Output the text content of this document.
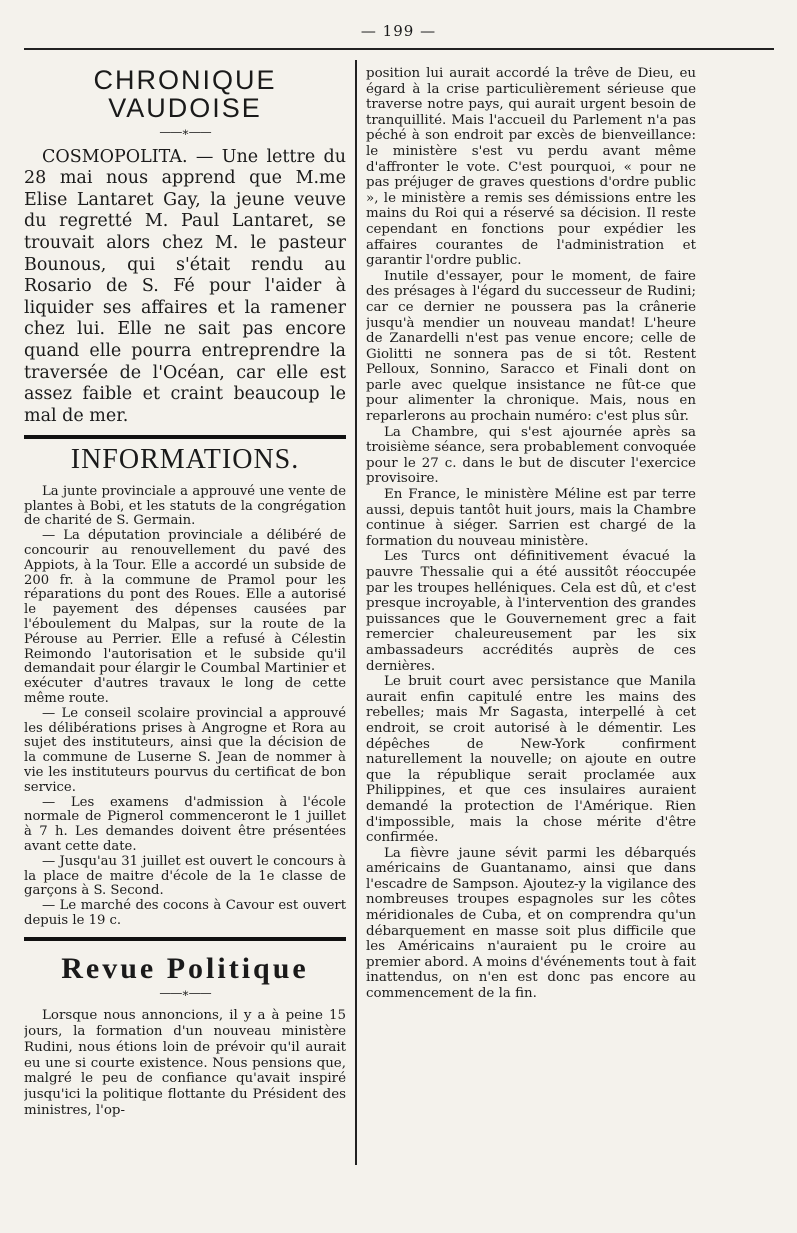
— 199 —
CHRONIQUE VAUDOISE
——∗——

COSMOPOLITA. — Une lettre du 28 mai nous apprend que M.me Elise Lantaret Gay, la jeune veuve du regretté M. Paul Lantaret, se trouvait alors chez M. le pasteur Bounous, qui s'était rendu au Rosario de S. Fé pour l'aider à liquider ses affaires et la ramener chez lui. Elle ne sait pas encore quand elle pourra entreprendre la traversée de l'Océan, car elle est assez faible et craint beaucoup le mal de mer.

INFORMATIONS.

La junte provinciale a approuvé une vente de plantes à Bobi, et les statuts de la congrégation de charité de S. Germain.

— La députation provinciale a délibéré de concourir au renouvellement du pavé des Appiots, à la Tour. Elle a accordé un subside de 200 fr. à la commune de Pramol pour les réparations du pont des Roues. Elle a autorisé le payement des dépenses causées par l'éboulement du Malpas, sur la route de la Pérouse au Perrier. Elle a refusé à Célestin Reimondo l'autorisation et le subside qu'il demandait pour élargir le Coumbal Martinier et exécuter d'autres travaux le long de cette même route.

— Le conseil scolaire provincial a approuvé les délibérations prises à Angrogne et Rora au sujet des instituteurs, ainsi que la décision de la commune de Luserne S. Jean de nommer à vie les instituteurs pourvus du certificat de bon service.

— Les examens d'admission à l'école normale de Pignerol commenceront le 1 juillet à 7 h. Les demandes doivent être présentées avant cette date.

— Jusqu'au 31 juillet est ouvert le concours à la place de maitre d'école de la 1e classe de garçons à S. Second.

— Le marché des cocons à Cavour est ouvert depuis le 19 c.

Revue Politique
——∗——

Lorsque nous annoncions, il y a à peine 15 jours, la formation d'un nouveau ministère Rudini, nous étions loin de prévoir qu'il aurait eu une si courte existence. Nous pensions que, malgré le peu de confiance qu'avait inspiré jusqu'ici la politique flottante du Président des ministres, l'op-

position lui aurait accordé la trêve de Dieu, eu égard à la crise particulièrement sérieuse que traverse notre pays, qui aurait urgent besoin de tranquillité. Mais l'accueil du Parlement n'a pas péché à son endroit par excès de bienveillance: le ministère s'est vu perdu avant même d'affronter le vote. C'est pourquoi, « pour ne pas préjuger de graves questions d'ordre public », le ministère a remis ses démissions entre les mains du Roi qui a réservé sa décision. Il reste cependant en fonctions pour expédier les affaires courantes de l'administration et garantir l'ordre public.

Inutile d'essayer, pour le moment, de faire des présages à l'égard du successeur de Rudini; car ce dernier ne poussera pas la crânerie jusqu'à mendier un nouveau mandat! L'heure de Zanardelli n'est pas venue encore; celle de Giolitti ne sonnera pas de si tôt. Restent Pelloux, Sonnino, Saracco et Finali dont on parle avec quelque insistance ne fût-ce que pour alimenter la chronique. Mais, nous en reparlerons au prochain numéro: c'est plus sûr.

La Chambre, qui s'est ajournée après sa troisième séance, sera probablement convoquée pour le 27 c. dans le but de discuter l'exercice provisoire.

En France, le ministère Méline est par terre aussi, depuis tantôt huit jours, mais la Chambre continue à siéger. Sarrien est chargé de la formation du nouveau ministère.

Les Turcs ont définitivement évacué la pauvre Thessalie qui a été aussitôt réoccupée par les troupes helléniques. Cela est dû, et c'est presque incroyable, à l'intervention des grandes puissances que le Gouvernement grec a fait remercier chaleureusement par les six ambassadeurs accrédités auprès de ces dernières.

Le bruit court avec persistance que Manila aurait enfin capitulé entre les mains des rebelles; mais Mr Sagasta, interpellé à cet endroit, se croit autorisé à le démentir. Les dépêches de New-York confirment naturellement la nouvelle; on ajoute en outre que la république serait proclamée aux Philippines, et que ces insulaires auraient demandé la protection de l'Amérique. Rien d'impossible, mais la chose mérite d'être confirmée.

La fièvre jaune sévit parmi les débarqués américains de Guantanamo, ainsi que dans l'escadre de Sampson. Ajoutez-y la vigilance des nombreuses troupes espagnoles sur les côtes méridionales de Cuba, et on comprendra qu'un débarquement en masse soit plus difficile que les Américains n'auraient pu le croire au premier abord. A moins d'événements tout à fait inattendus, on n'en est donc pas encore au commencement de la fin.
